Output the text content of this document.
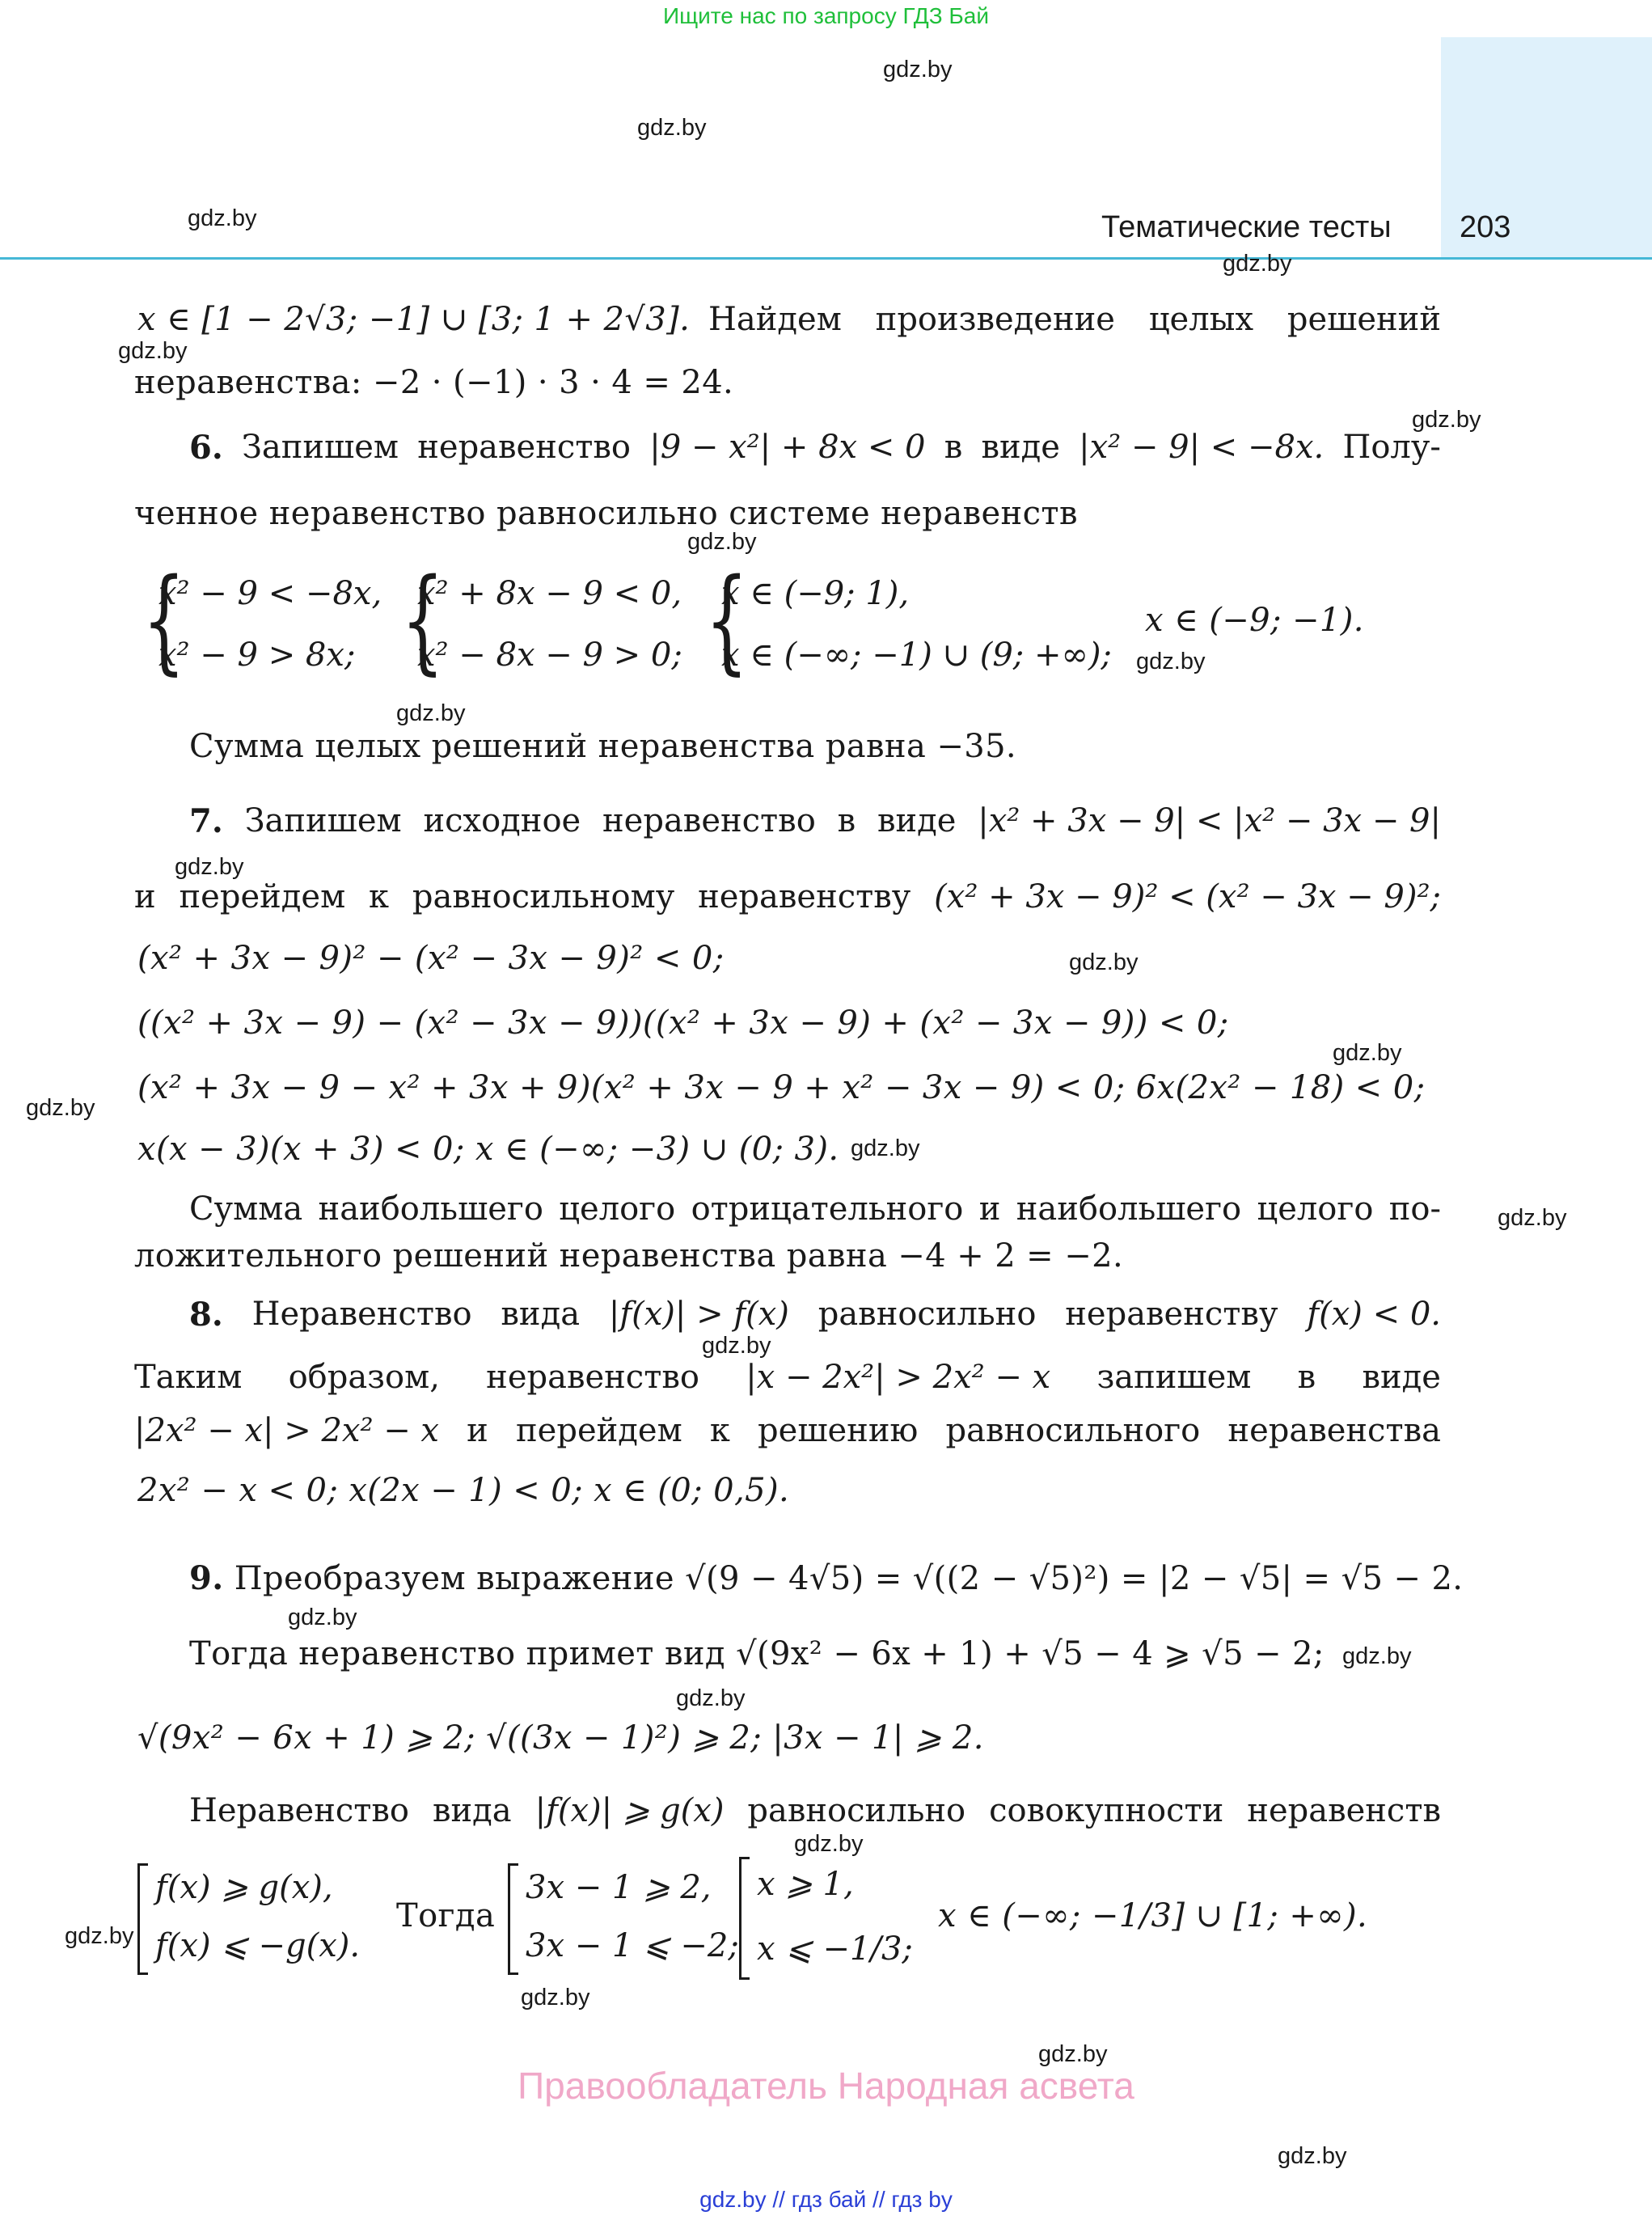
Ищите нас по запросу ГДЗ Бай
Тематические тесты 203
gdz.by
gdz.by
gdz.by
gdz.by
gdz.by
gdz.by
gdz.by
gdz.by
gdz.by
gdz.by
gdz.by
gdz.by
gdz.by
gdz.by
gdz.by
gdz.by
gdz.by
gdz.by
gdz.by
gdz.by
gdz.by
gdz.by
gdz.by
gdz.by
x ∈ [1 − 2√3; −1] ∪ [3; 1 + 2√3]. Найдем произведение целых решений
неравенства: −2 · (−1) · 3 · 4 = 24.
6. Запишем неравенство |9 − x²| + 8x < 0 в виде |x² − 9| < −8x. Полу-
ченное неравенство равносильно системе неравенств
{
x² − 9 < −8x,
x² − 9 > 8x; {
x² + 8x − 9 < 0,
x² − 8x − 9 > 0; {
x ∈ (−9; 1),
x ∈ (−∞; −1) ∪ (9; +∞);
x ∈ (−9; −1).
Сумма целых решений неравенства равна −35.
7. Запишем исходное неравенство в виде |x² + 3x − 9| < |x² − 3x − 9|
и перейдем к равносильному неравенству (x² + 3x − 9)² < (x² − 3x − 9)²;
(x² + 3x − 9)² − (x² − 3x − 9)² < 0;
((x² + 3x − 9) − (x² − 3x − 9))((x² + 3x − 9) + (x² − 3x − 9)) < 0;
(x² + 3x − 9 − x² + 3x + 9)(x² + 3x − 9 + x² − 3x − 9) < 0; 6x(2x² − 18) < 0;
x(x − 3)(x + 3) < 0; x ∈ (−∞; −3) ∪ (0; 3).
Сумма наибольшего целого отрицательного и наибольшего целого по-
ложительного решений неравенства равна −4 + 2 = −2.
8. Неравенство вида |f(x)| > f(x) равносильно неравенству f(x) < 0.
Таким образом, неравенство |x − 2x²| > 2x² − x запишем в виде
|2x² − x| > 2x² − x и перейдем к решению равносильного неравенства
2x² − x < 0; x(2x − 1) < 0; x ∈ (0; 0,5).
9. Преобразуем выражение √(9 − 4√5) = √((2 − √5)²) = |2 − √5| = √5 − 2.
Тогда неравенство примет вид √(9x² − 6x + 1) + √5 − 4 ⩾ √5 − 2;
√(9x² − 6x + 1) ⩾ 2; √((3x − 1)²) ⩾ 2; |3x − 1| ⩾ 2.
Неравенство вида |f(x)| ⩾ g(x) равносильно совокупности неравенств
f(x) ⩾ g(x),
f(x) ⩽ −g(x).
Тогда
3x − 1 ⩾ 2,
3x − 1 ⩽ −2;
x ⩾ 1,
x ⩽ −1/3;
x ∈ (−∞; −1/3] ∪ [1; +∞).
Правообладатель Народная асвета
gdz.by // гдз бай // гдз by
